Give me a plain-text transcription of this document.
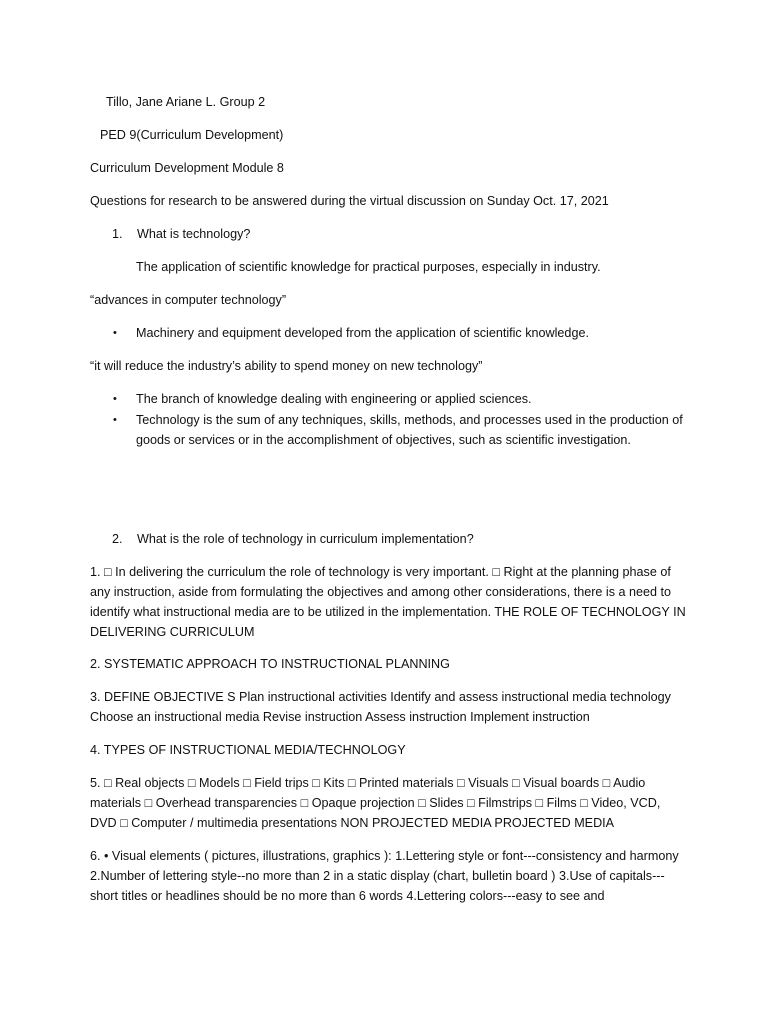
Tillo, Jane Ariane L. Group 2
PED 9(Curriculum Development)
Curriculum Development Module 8
Questions for research to be answered during the virtual discussion on Sunday Oct. 17, 2021
1. What is technology?
The application of scientific knowledge for practical purposes, especially in industry.
“advances in computer technology”
• Machinery and equipment developed from the application of scientific knowledge.
“it will reduce the industry’s ability to spend money on new technology”
• The branch of knowledge dealing with engineering or applied sciences.
• Technology is the sum of any techniques, skills, methods, and processes used in the production of goods or services or in the accomplishment of objectives, such as scientific investigation.
2. What is the role of technology in curriculum implementation?
1. □ In delivering the curriculum the role of technology is very important. □ Right at the planning phase of any instruction, aside from formulating the objectives and among other considerations, there is a need to identify what instructional media are to be utilized in the implementation. THE ROLE OF TECHNOLOGY IN DELIVERING CURRICULUM
2. SYSTEMATIC APPROACH TO INSTRUCTIONAL PLANNING
3. DEFINE OBJECTIVE S Plan instructional activities Identify and assess instructional media technology Choose an instructional media Revise instruction Assess instruction Implement instruction
4. TYPES OF INSTRUCTIONAL MEDIA/TECHNOLOGY
5. □ Real objects □ Models □ Field trips □ Kits □ Printed materials □ Visuals □ Visual boards □ Audio materials □ Overhead transparencies □ Opaque projection □ Slides □ Filmstrips □ Films □ Video, VCD, DVD □ Computer / multimedia presentations NON PROJECTED MEDIA PROJECTED MEDIA
6. • Visual elements ( pictures, illustrations, graphics ): 1.Lettering style or font---consistency and harmony 2.Number of lettering style--no more than 2 in a static display (chart, bulletin board ) 3.Use of capitals---short titles or headlines should be no more than 6 words 4.Lettering colors---easy to see and
